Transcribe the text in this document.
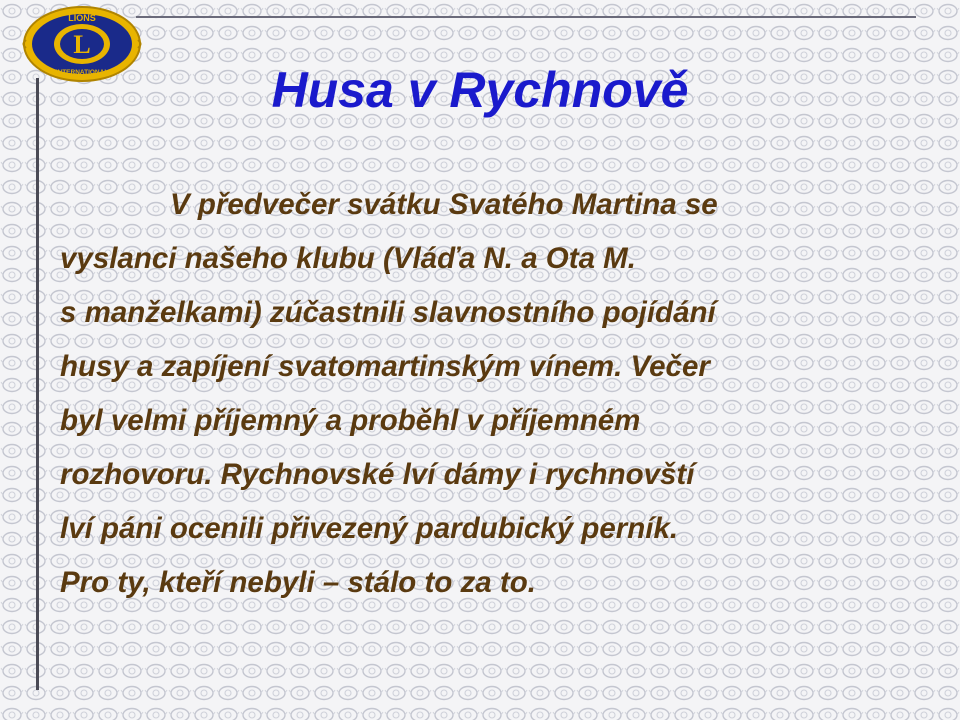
L
LIONS
INTERNATIONAL	Husa v Rychnově
V předvečer svátku Svatého Martina se
vyslanci našeho klubu (Vláďa N. a Ota M.
s manželkami) zúčastnili slavnostního pojídání
husy a zapíjení svatomartinským vínem. Večer
byl velmi příjemný a proběhl v příjemném
rozhovoru. Rychnovské lví dámy i rychnovští
lví páni ocenili přivezený pardubický perník.
Pro ty, kteří nebyli – stálo to za to.
